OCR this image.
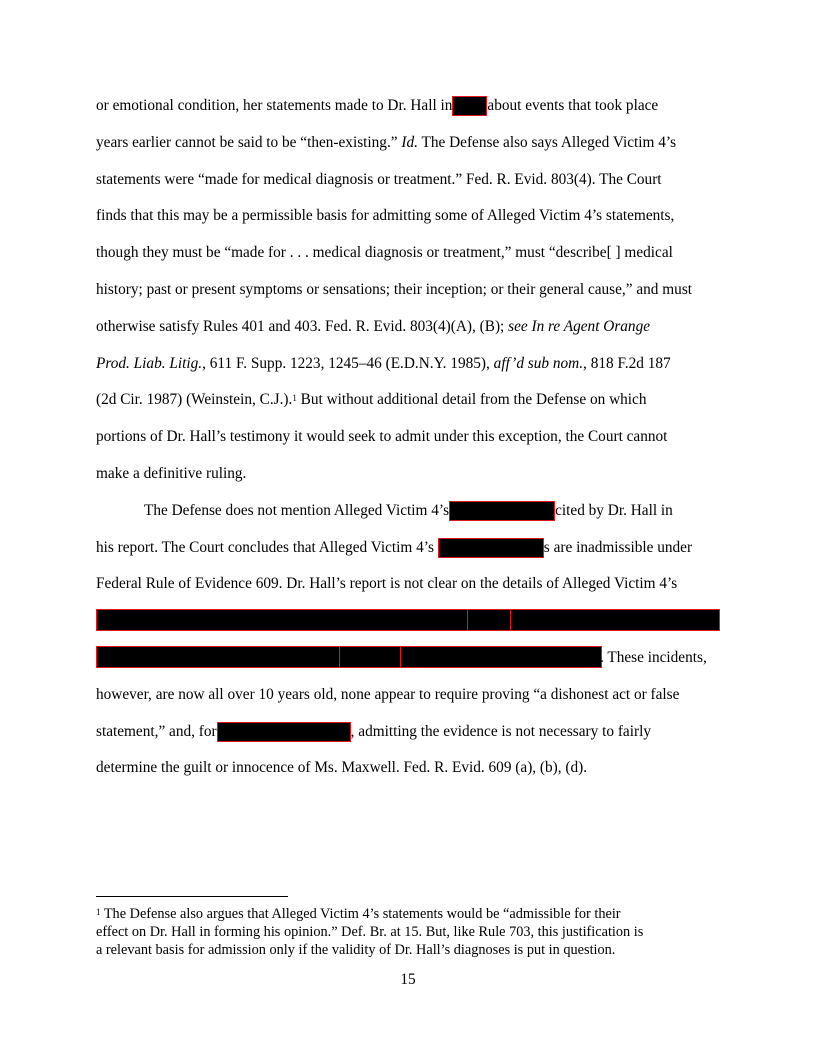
or emotional condition, her statements made to Dr. Hall in about events that took place
years earlier cannot be said to be “then-existing.” Id. The Defense also says Alleged Victim 4’s
statements were “made for medical diagnosis or treatment.” Fed. R. Evid. 803(4). The Court
finds that this may be a permissible basis for admitting some of Alleged Victim 4’s statements,
though they must be “made for . . . medical diagnosis or treatment,” must “describe[ ] medical
history; past or present symptoms or sensations; their inception; or their general cause,” and must
otherwise satisfy Rules 401 and 403. Fed. R. Evid. 803(4)(A), (B); see In re Agent Orange
Prod. Liab. Litig., 611 F. Supp. 1223, 1245–46 (E.D.N.Y. 1985), aff’d sub nom., 818 F.2d 187
(2d Cir. 1987) (Weinstein, C.J.).$^1$ But without additional detail from the Defense on which
portions of Dr. Hall’s testimony it would seek to admit under this exception, the Court cannot
make a definitive ruling.
The Defense does not mention Alleged Victim 4’s	cited by Dr. Hall in
his report. The Court concludes that Alleged Victim 4’s	s are inadmissible under
Federal Rule of Evidence 609. Dr. Hall’s report is not clear on the details of Alleged Victim 4’s
. These incidents,
however, are now all over 10 years old, none appear to require proving “a dishonest act or false
statement,” and, for	, admitting the evidence is not necessary to fairly
determine the guilt or innocence of Ms. Maxwell. Fed. R. Evid. 609 (a), (b), (d).
$^1$ The Defense also argues that Alleged Victim 4’s statements would be “admissible for their
effect on Dr. Hall in forming his opinion.” Def. Br. at 15. But, like Rule 703, this justification is
a relevant basis for admission only if the validity of Dr. Hall’s diagnoses is put in question.
15
